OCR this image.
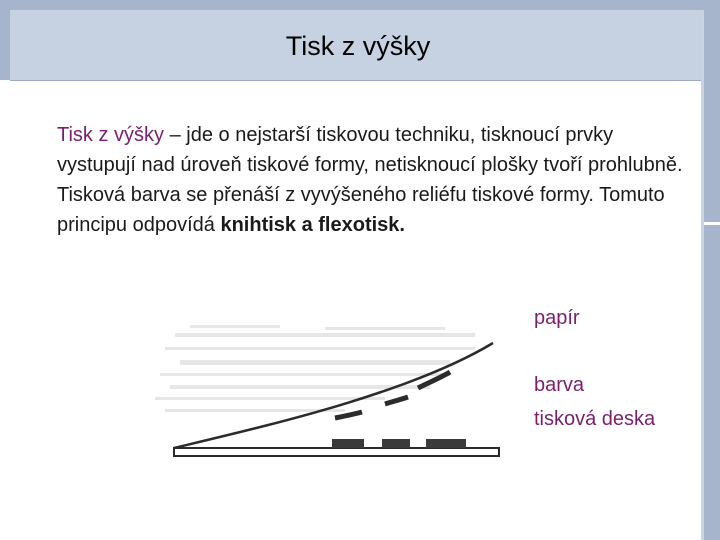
Tisk z výšky

Tisk z výšky – jde o nejstarší tiskovou techniku, tisknoucí prvky vystupují nad úroveň tiskové formy, netisknoucí plošky tvoří prohlubně. Tisková barva se přenáší z vyvýšeného reliéfu tiskové formy. Tomuto principu odpovídá knihtisk a flexotisk.

papír
barva
tisková deska
